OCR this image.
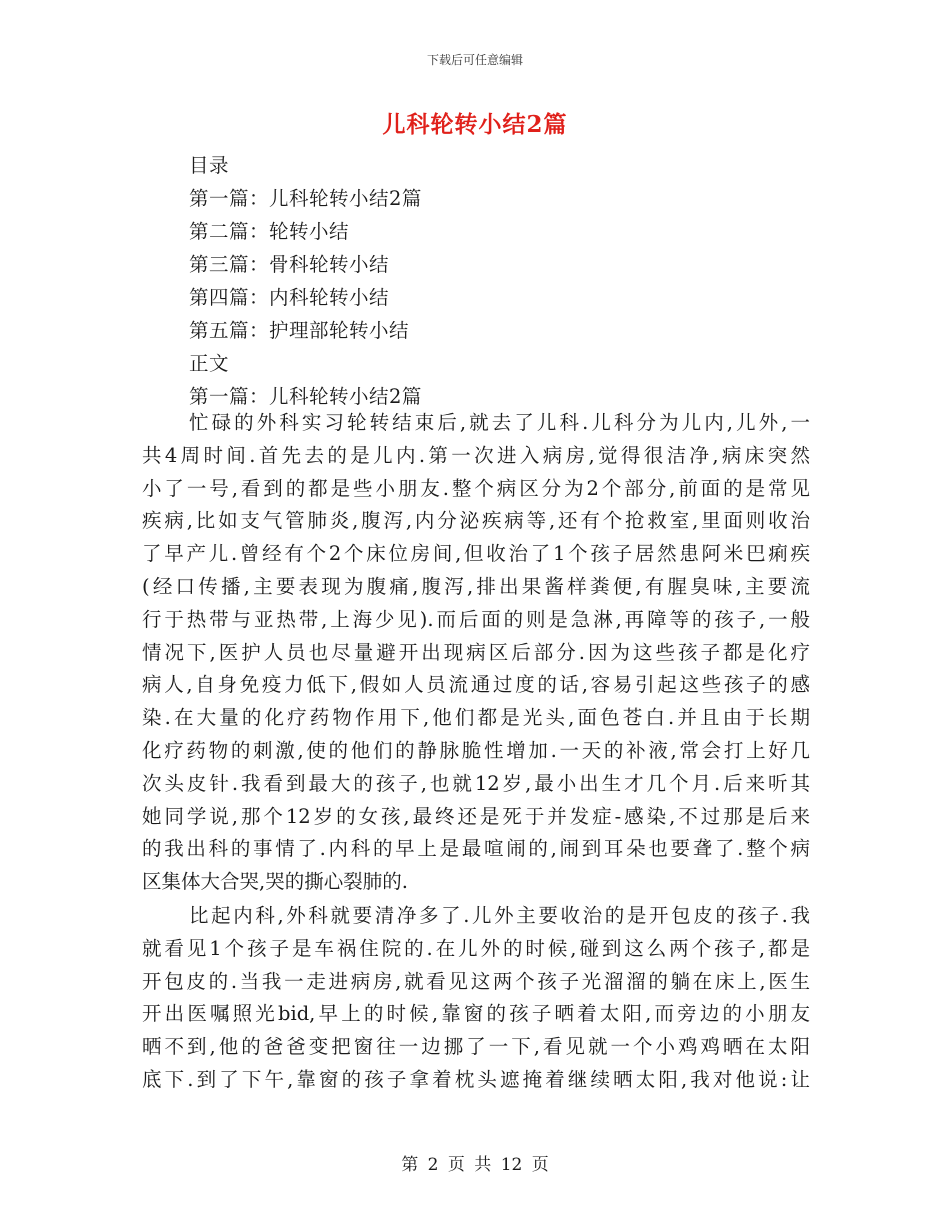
下载后可任意编辑
儿科轮转小结2篇
目录
第一篇：儿科轮转小结2篇
第二篇：轮转小结
第三篇：骨科轮转小结
第四篇：内科轮转小结
第五篇：护理部轮转小结
正文
第一篇：儿科轮转小结2篇
忙碌的外科实习轮转结束后,就去了儿科.儿科分为儿内,儿外,一
共4周时间.首先去的是儿内.第一次进入病房,觉得很洁净,病床突然
小了一号,看到的都是些小朋友.整个病区分为2个部分,前面的是常见
疾病,比如支气管肺炎,腹泻,内分泌疾病等,还有个抢救室,里面则收治
了早产儿.曾经有个2个床位房间,但收治了1个孩子居然患阿米巴痢疾
(经口传播,主要表现为腹痛,腹泻,排出果酱样粪便,有腥臭味,主要流
行于热带与亚热带,上海少见).而后面的则是急淋,再障等的孩子,一般
情况下,医护人员也尽量避开出现病区后部分.因为这些孩子都是化疗
病人,自身免疫力低下,假如人员流通过度的话,容易引起这些孩子的感
染.在大量的化疗药物作用下,他们都是光头,面色苍白.并且由于长期
化疗药物的刺激,使的他们的静脉脆性增加.一天的补液,常会打上好几
次头皮针.我看到最大的孩子,也就12岁,最小出生才几个月.后来听其
她同学说,那个12岁的女孩,最终还是死于并发症-感染,不过那是后来
的我出科的事情了.内科的早上是最喧闹的,闹到耳朵也要聋了.整个病
区集体大合哭,哭的撕心裂肺的.
比起内科,外科就要清净多了.儿外主要收治的是开包皮的孩子.我
就看见1个孩子是车祸住院的.在儿外的时候,碰到这么两个孩子,都是
开包皮的.当我一走进病房,就看见这两个孩子光溜溜的躺在床上,医生
开出医嘱照光bid,早上的时候,靠窗的孩子晒着太阳,而旁边的小朋友
晒不到,他的爸爸变把窗往一边挪了一下,看见就一个小鸡鸡晒在太阳
底下.到了下午,靠窗的孩子拿着枕头遮掩着继续晒太阳,我对他说:让
第 2 页 共 12 页
